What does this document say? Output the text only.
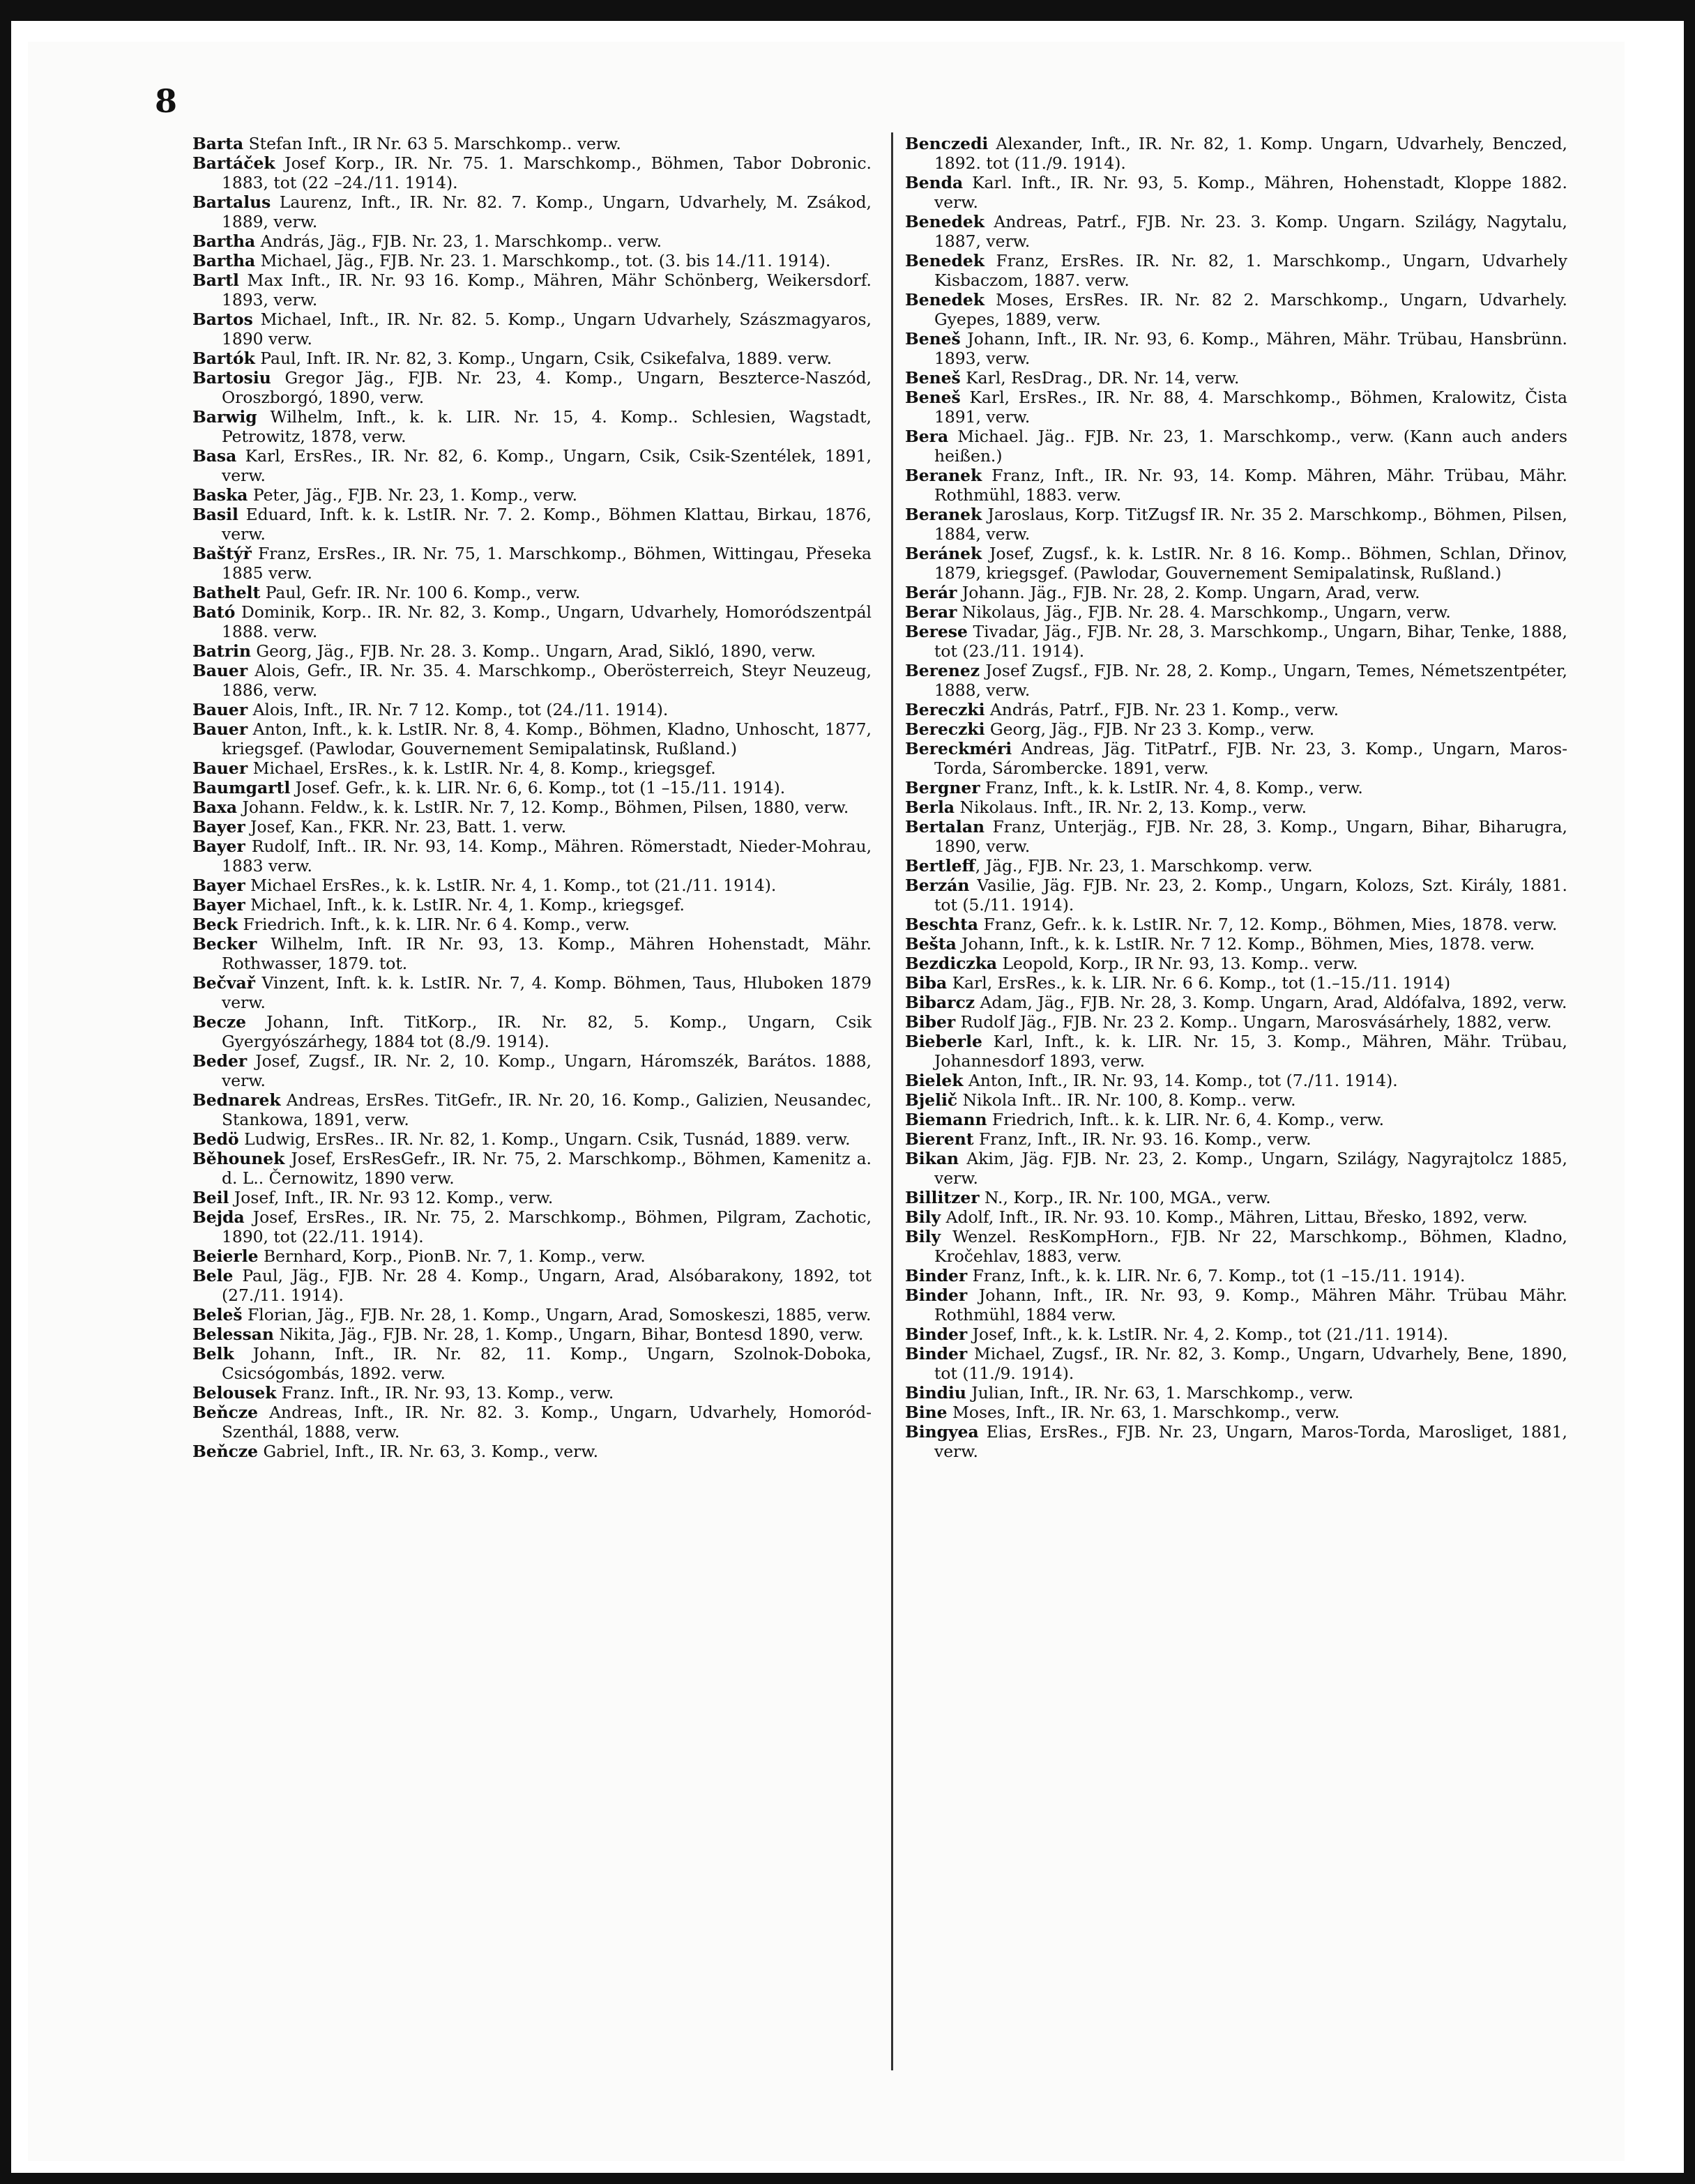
8

Barta Stefan Inft., IR Nr. 63 5. Marschkomp.. verw.

Bartáček Josef Korp., IR. Nr. 75. 1. Marschkomp., Böhmen, Tabor Dobronic. 1883, tot (22 –24./11. 1914).

Bartalus Laurenz, Inft., IR. Nr. 82. 7. Komp., Ungarn, Udvarhely, M. Zsákod, 1889, verw.

Bartha András, Jäg., FJB. Nr. 23, 1. Marschkomp.. verw.

Bartha Michael, Jäg., FJB. Nr. 23. 1. Marschkomp., tot. (3. bis 14./11. 1914).

Bartl Max Inft., IR. Nr. 93 16. Komp., Mähren, Mähr Schönberg, Weikersdorf. 1893, verw.

Bartos Michael, Inft., IR. Nr. 82. 5. Komp., Ungarn Udvarhely, Szászmagyaros, 1890 verw.

Bartók Paul, Inft. IR. Nr. 82, 3. Komp., Ungarn, Csik, Csikefalva, 1889. verw.

Bartosiu Gregor Jäg., FJB. Nr. 23, 4. Komp., Ungarn, Beszterce-Naszód, Oroszborgó, 1890, verw.

Barwig Wilhelm, Inft., k. k. LIR. Nr. 15, 4. Komp.. Schlesien, Wagstadt, Petrowitz, 1878, verw.

Basa Karl, ErsRes., IR. Nr. 82, 6. Komp., Ungarn, Csik, Csik-Szentélek, 1891, verw.

Baska Peter, Jäg., FJB. Nr. 23, 1. Komp., verw.

Basil Eduard, Inft. k. k. LstIR. Nr. 7. 2. Komp., Böhmen Klattau, Birkau, 1876, verw.

Baštýř Franz, ErsRes., IR. Nr. 75, 1. Marschkomp., Böhmen, Wittingau, Přeseka 1885 verw.

Bathelt Paul, Gefr. IR. Nr. 100 6. Komp., verw.

Bató Dominik, Korp.. IR. Nr. 82, 3. Komp., Ungarn, Udvarhely, Homoródszentpál 1888. verw.

Batrin Georg, Jäg., FJB. Nr. 28. 3. Komp.. Ungarn, Arad, Sikló, 1890, verw.

Bauer Alois, Gefr., IR. Nr. 35. 4. Marschkomp., Oberösterreich, Steyr Neuzeug, 1886, verw.

Bauer Alois, Inft., IR. Nr. 7 12. Komp., tot (24./11. 1914).

Bauer Anton, Inft., k. k. LstIR. Nr. 8, 4. Komp., Böhmen, Kladno, Unhoscht, 1877, kriegsgef. (Pawlodar, Gouvernement Semipalatinsk, Rußland.)

Bauer Michael, ErsRes., k. k. LstIR. Nr. 4, 8. Komp., kriegsgef.

Baumgartl Josef. Gefr., k. k. LIR. Nr. 6, 6. Komp., tot (1 –15./11. 1914).

Baxa Johann. Feldw., k. k. LstIR. Nr. 7, 12. Komp., Böhmen, Pilsen, 1880, verw.

Bayer Josef, Kan., FKR. Nr. 23, Batt. 1. verw.

Bayer Rudolf, Inft.. IR. Nr. 93, 14. Komp., Mähren. Römerstadt, Nieder-Mohrau, 1883 verw.

Bayer Michael ErsRes., k. k. LstIR. Nr. 4, 1. Komp., tot (21./11. 1914).

Bayer Michael, Inft., k. k. LstIR. Nr. 4, 1. Komp., kriegsgef.

Beck Friedrich. Inft., k. k. LIR. Nr. 6 4. Komp., verw.

Becker Wilhelm, Inft. IR Nr. 93, 13. Komp., Mähren Hohenstadt, Mähr. Rothwasser, 1879. tot.

Bečvař Vinzent, Inft. k. k. LstIR. Nr. 7, 4. Komp. Böhmen, Taus, Hluboken 1879 verw.

Becze Johann, Inft. TitKorp., IR. Nr. 82, 5. Komp., Ungarn, Csik Gyergyószárhegy, 1884 tot (8./9. 1914).

Beder Josef, Zugsf., IR. Nr. 2, 10. Komp., Ungarn, Háromszék, Barátos. 1888, verw.

Bednarek Andreas, ErsRes. TitGefr., IR. Nr. 20, 16. Komp., Galizien, Neusandec, Stankowa, 1891, verw.

Bedö Ludwig, ErsRes.. IR. Nr. 82, 1. Komp., Ungarn. Csik, Tusnád, 1889. verw.

Běhounek Josef, ErsResGefr., IR. Nr. 75, 2. Marschkomp., Böhmen, Kamenitz a. d. L.. Černowitz, 1890 verw.

Beil Josef, Inft., IR. Nr. 93 12. Komp., verw.

Bejda Josef, ErsRes., IR. Nr. 75, 2. Marschkomp., Böhmen, Pilgram, Zachotic, 1890, tot (22./11. 1914).

Beierle Bernhard, Korp., PionB. Nr. 7, 1. Komp., verw.

Bele Paul, Jäg., FJB. Nr. 28 4. Komp., Ungarn, Arad, Alsóbarakony, 1892, tot (27./11. 1914).

Beleš Florian, Jäg., FJB. Nr. 28, 1. Komp., Ungarn, Arad, Somoskeszi, 1885, verw.

Belessan Nikita, Jäg., FJB. Nr. 28, 1. Komp., Ungarn, Bihar, Bontesd 1890, verw.

Belk Johann, Inft., IR. Nr. 82, 11. Komp., Ungarn, Szolnok-Doboka, Csicsógombás, 1892. verw.

Belousek Franz. Inft., IR. Nr. 93, 13. Komp., verw.

Beňcze Andreas, Inft., IR. Nr. 82. 3. Komp., Ungarn, Udvarhely, Homoród-Szenthál, 1888, verw.

Beňcze Gabriel, Inft., IR. Nr. 63, 3. Komp., verw.

Benczedi Alexander, Inft., IR. Nr. 82, 1. Komp. Ungarn, Udvarhely, Benczed, 1892. tot (11./9. 1914).

Benda Karl. Inft., IR. Nr. 93, 5. Komp., Mähren, Hohenstadt, Kloppe 1882. verw.

Benedek Andreas, Patrf., FJB. Nr. 23. 3. Komp. Ungarn. Szilágy, Nagytalu, 1887, verw.

Benedek Franz, ErsRes. IR. Nr. 82, 1. Marschkomp., Ungarn, Udvarhely Kisbaczom, 1887. verw.

Benedek Moses, ErsRes. IR. Nr. 82 2. Marschkomp., Ungarn, Udvarhely. Gyepes, 1889, verw.

Beneš Johann, Inft., IR. Nr. 93, 6. Komp., Mähren, Mähr. Trübau, Hansbrünn. 1893, verw.

Beneš Karl, ResDrag., DR. Nr. 14, verw.

Beneš Karl, ErsRes., IR. Nr. 88, 4. Marschkomp., Böhmen, Kralowitz, Čista 1891, verw.

Bera Michael. Jäg.. FJB. Nr. 23, 1. Marschkomp., verw. (Kann auch anders heißen.)

Beranek Franz, Inft., IR. Nr. 93, 14. Komp. Mähren, Mähr. Trübau, Mähr. Rothmühl, 1883. verw.

Beranek Jaroslaus, Korp. TitZugsf IR. Nr. 35 2. Marschkomp., Böhmen, Pilsen, 1884, verw.

Beránek Josef, Zugsf., k. k. LstIR. Nr. 8 16. Komp.. Böhmen, Schlan, Dřinov, 1879, kriegsgef. (Pawlodar, Gouvernement Semipalatinsk, Rußland.)

Berár Johann. Jäg., FJB. Nr. 28, 2. Komp. Ungarn, Arad, verw.

Berar Nikolaus, Jäg., FJB. Nr. 28. 4. Marschkomp., Ungarn, verw.

Berese Tivadar, Jäg., FJB. Nr. 28, 3. Marschkomp., Ungarn, Bihar, Tenke, 1888, tot (23./11. 1914).

Berenez Josef Zugsf., FJB. Nr. 28, 2. Komp., Ungarn, Temes, Németszentpéter, 1888, verw.

Bereczki András, Patrf., FJB. Nr. 23 1. Komp., verw.

Bereczki Georg, Jäg., FJB. Nr 23 3. Komp., verw.

Bereckméri Andreas, Jäg. TitPatrf., FJB. Nr. 23, 3. Komp., Ungarn, Maros-Torda, Sárombercke. 1891, verw.

Bergner Franz, Inft., k. k. LstIR. Nr. 4, 8. Komp., verw.

Berla Nikolaus. Inft., IR. Nr. 2, 13. Komp., verw.

Bertalan Franz, Unterjäg., FJB. Nr. 28, 3. Komp., Ungarn, Bihar, Biharugra, 1890, verw.

Bertleff, Jäg., FJB. Nr. 23, 1. Marschkomp. verw.

Berzán Vasilie, Jäg. FJB. Nr. 23, 2. Komp., Ungarn, Kolozs, Szt. Király, 1881. tot (5./11. 1914).

Beschta Franz, Gefr.. k. k. LstIR. Nr. 7, 12. Komp., Böhmen, Mies, 1878. verw.

Bešta Johann, Inft., k. k. LstIR. Nr. 7 12. Komp., Böhmen, Mies, 1878. verw.

Bezdiczka Leopold, Korp., IR Nr. 93, 13. Komp.. verw.

Biba Karl, ErsRes., k. k. LIR. Nr. 6 6. Komp., tot (1.–15./11. 1914)

Bibarcz Adam, Jäg., FJB. Nr. 28, 3. Komp. Ungarn, Arad, Aldófalva, 1892, verw.

Biber Rudolf Jäg., FJB. Nr. 23 2. Komp.. Ungarn, Marosvásárhely, 1882, verw.

Bieberle Karl, Inft., k. k. LIR. Nr. 15, 3. Komp., Mähren, Mähr. Trübau, Johannesdorf 1893, verw.

Bielek Anton, Inft., IR. Nr. 93, 14. Komp., tot (7./11. 1914).

Bjelič Nikola Inft.. IR. Nr. 100, 8. Komp.. verw.

Biemann Friedrich, Inft.. k. k. LIR. Nr. 6, 4. Komp., verw.

Bierent Franz, Inft., IR. Nr. 93. 16. Komp., verw.

Bikan Akim, Jäg. FJB. Nr. 23, 2. Komp., Ungarn, Szilágy, Nagyrajtolcz 1885, verw.

Billitzer N., Korp., IR. Nr. 100, MGA., verw.

Bily Adolf, Inft., IR. Nr. 93. 10. Komp., Mähren, Littau, Břesko, 1892, verw.

Bily Wenzel. ResKompHorn., FJB. Nr 22, Marschkomp., Böhmen, Kladno, Kročehlav, 1883, verw.

Binder Franz, Inft., k. k. LIR. Nr. 6, 7. Komp., tot (1 –15./11. 1914).

Binder Johann, Inft., IR. Nr. 93, 9. Komp., Mähren Mähr. Trübau Mähr. Rothmühl, 1884 verw.

Binder Josef, Inft., k. k. LstIR. Nr. 4, 2. Komp., tot (21./11. 1914).

Binder Michael, Zugsf., IR. Nr. 82, 3. Komp., Ungarn, Udvarhely, Bene, 1890, tot (11./9. 1914).

Bindiu Julian, Inft., IR. Nr. 63, 1. Marschkomp., verw.

Bine Moses, Inft., IR. Nr. 63, 1. Marschkomp., verw.

Bingyea Elias, ErsRes., FJB. Nr. 23, Ungarn, Maros-Torda, Marosliget, 1881, verw.
